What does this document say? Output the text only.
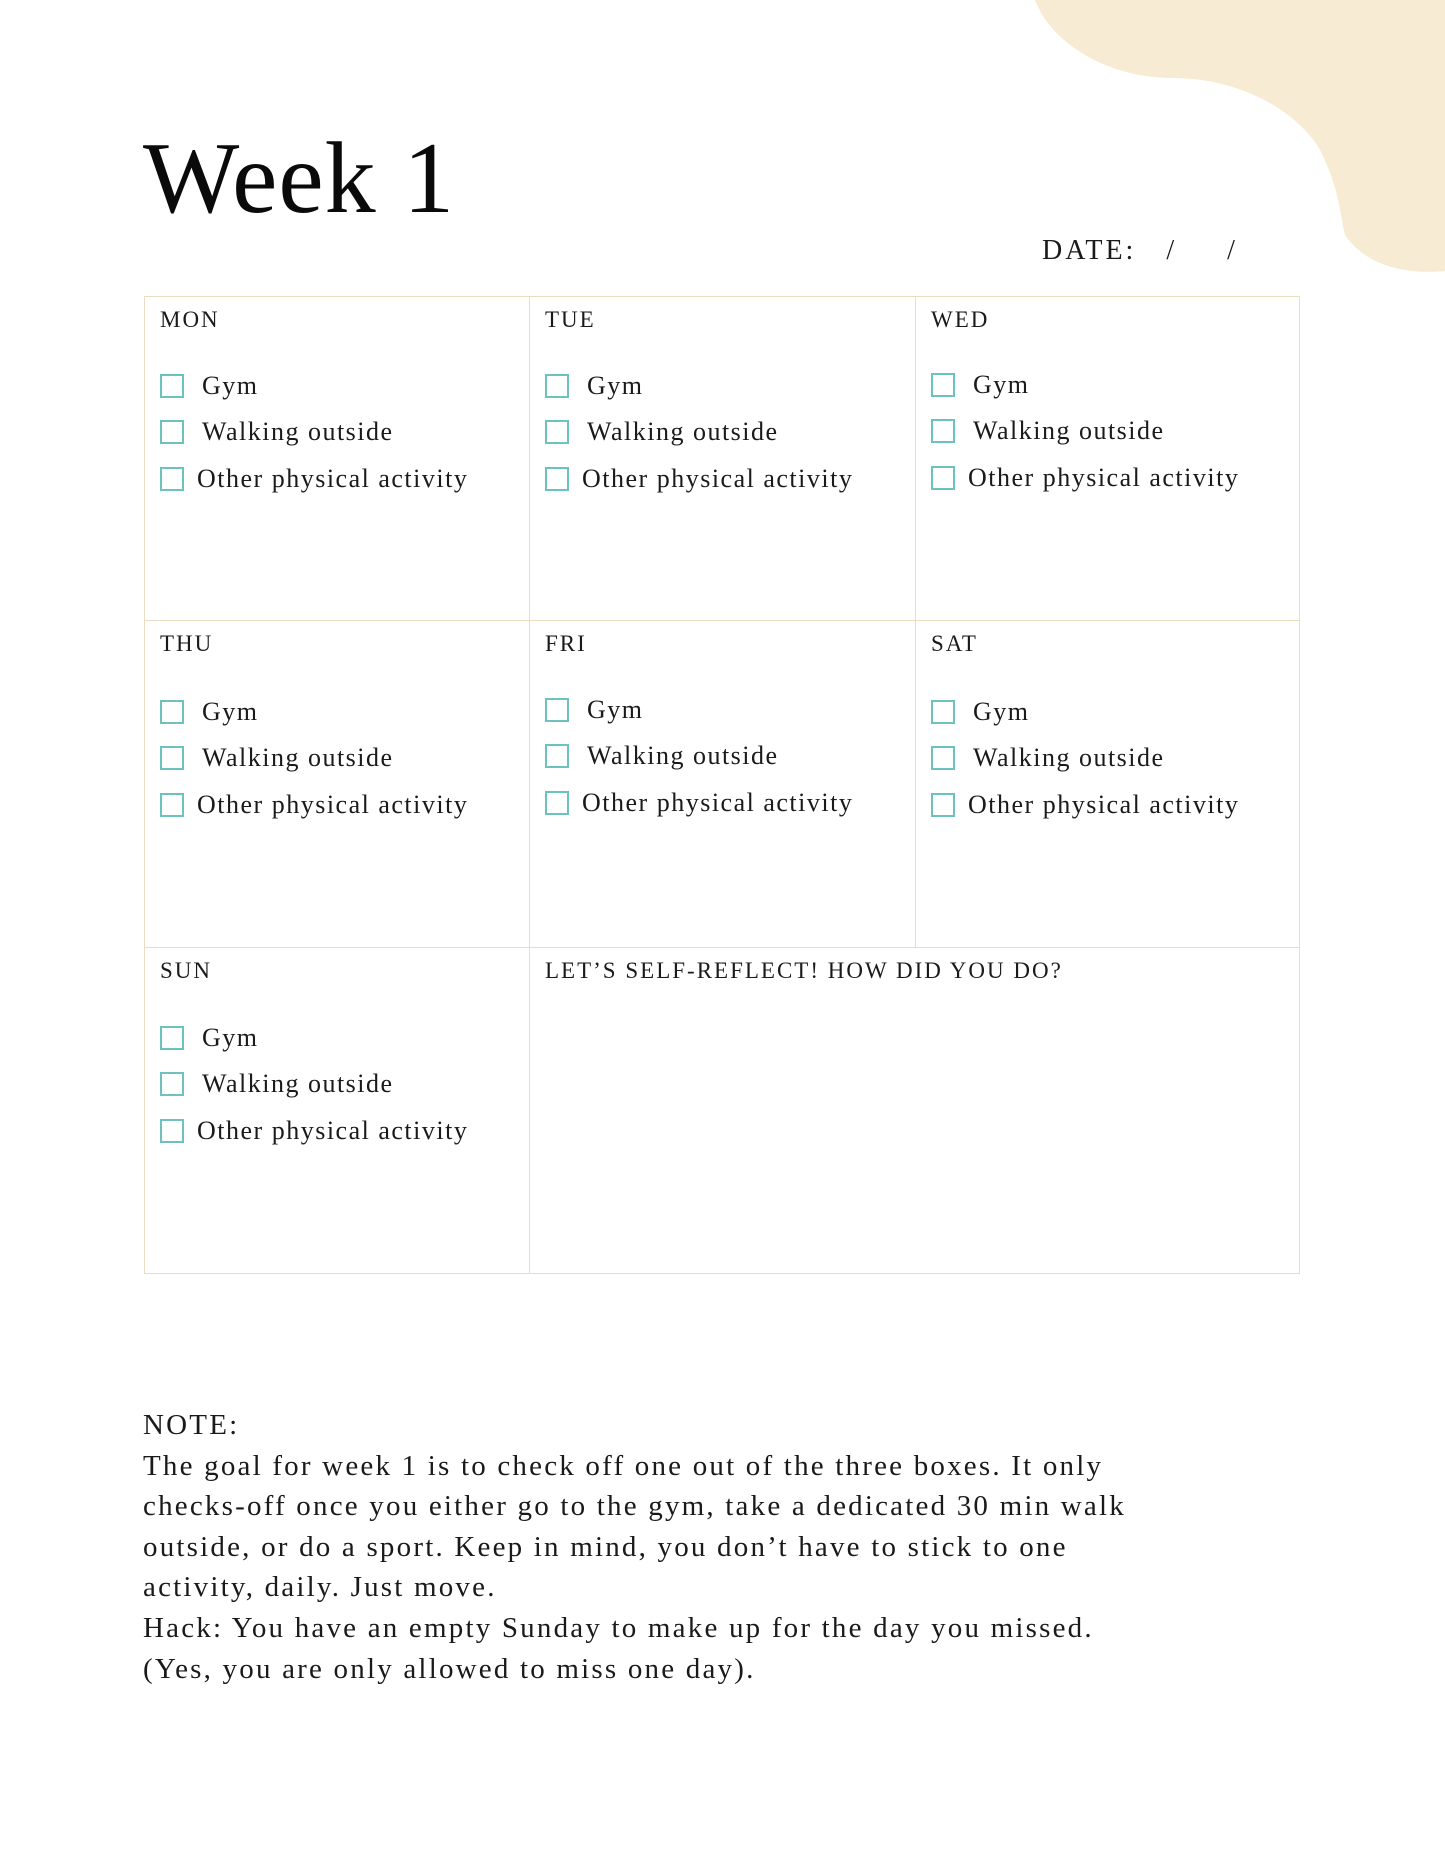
Week 1

DATE: /     /

MON
Gym
Walking outside
Other physical activity
TUE
Gym
Walking outside
Other physical activity
WED
Gym
Walking outside
Other physical activity
THU
Gym
Walking outside
Other physical activity
FRI
Gym
Walking outside
Other physical activity
SAT
Gym
Walking outside
Other physical activity
SUN
Gym
Walking outside
Other physical activity
LET’S SELF-REFLECT! HOW DID YOU DO?
NOTE:
The goal for week 1 is to check off one out of the three boxes. It only
checks-off once you either go to the gym, take a dedicated 30 min walk
outside, or do a sport. Keep in mind, you don’t have to stick to one
activity, daily. Just move.
Hack: You have an empty Sunday to make up for the day you missed.
(Yes, you are only allowed to miss one day).
